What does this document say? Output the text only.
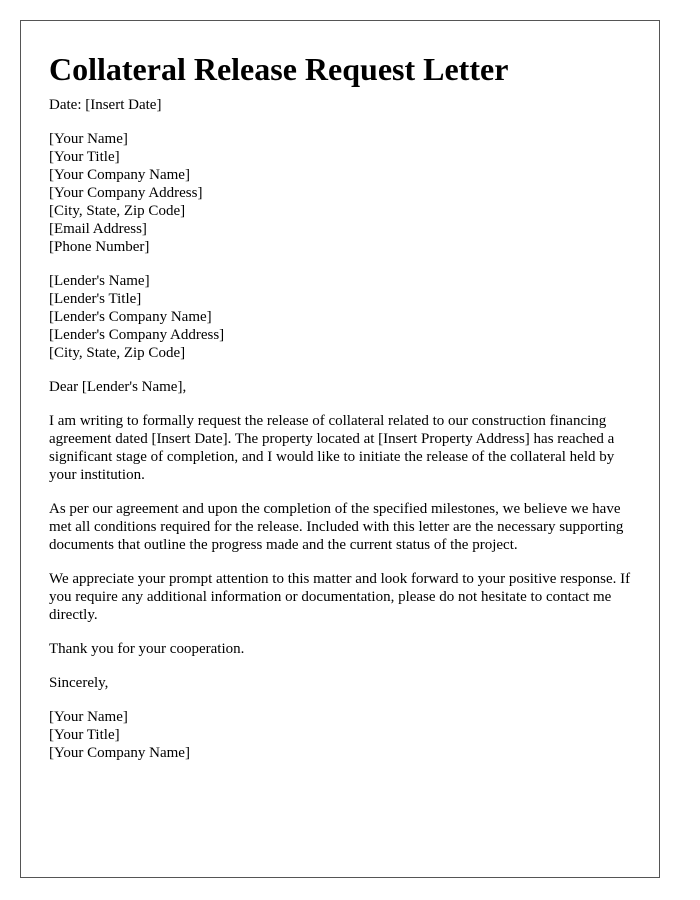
Collateral Release Request Letter
Date: [Insert Date]
[Your Name]
[Your Title]
[Your Company Name]
[Your Company Address]
[City, State, Zip Code]
[Email Address]
[Phone Number]
[Lender's Name]
[Lender's Title]
[Lender's Company Name]
[Lender's Company Address]
[City, State, Zip Code]

Dear [Lender's Name],

I am writing to formally request the release of collateral related to our construction financing agreement dated [Insert Date]. The property located at [Insert Property Address] has reached a significant stage of completion, and I would like to initiate the release of the collateral held by your institution.

As per our agreement and upon the completion of the specified milestones, we believe we have met all conditions required for the release. Included with this letter are the necessary supporting documents that outline the progress made and the current status of the project.

We appreciate your prompt attention to this matter and look forward to your positive response. If you require any additional information or documentation, please do not hesitate to contact me directly.

Thank you for your cooperation.

Sincerely,

[Your Name]
[Your Title]
[Your Company Name]
